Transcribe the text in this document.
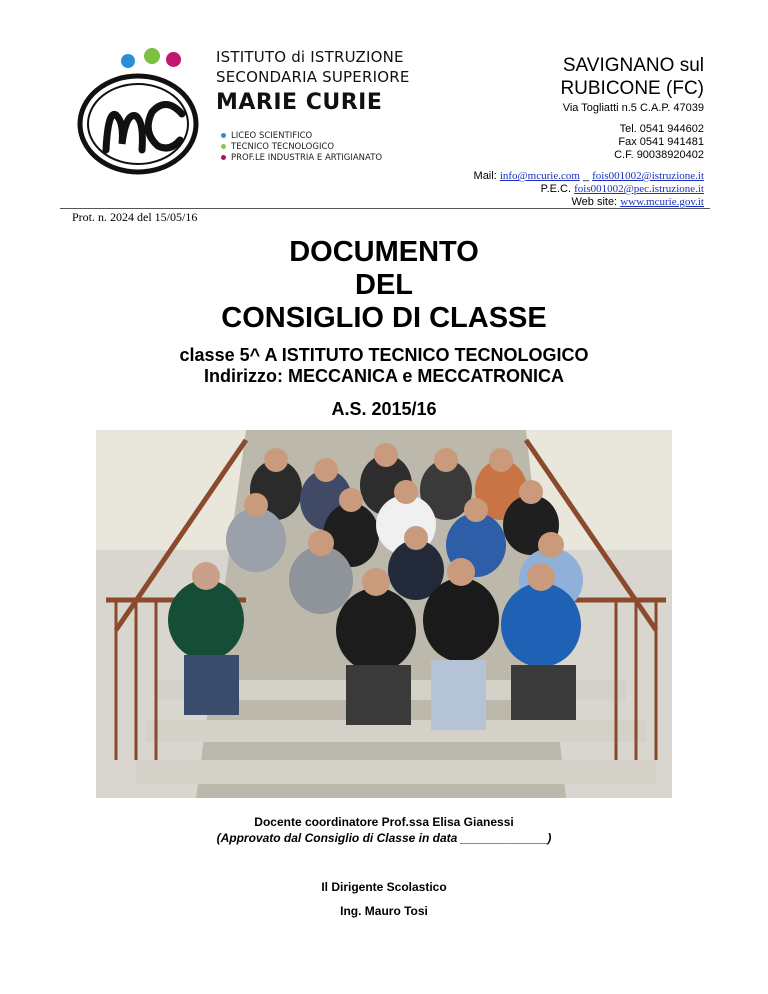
ISTITUTO di ISTRUZIONE
SECONDARIA SUPERIORE
MARIE CURIE
LICEO SCIENTIFICO
TECNICO TECNOLOGICO
PROF.LE INDUSTRIA E ARTIGIANATO
SAVIGNANO sul
RUBICONE (FC)
Via Togliatti n.5 C.A.P. 47039
Tel. 0541 944602
Fax 0541 941481
C.F. 90038920402
Mail: info@mcurie.com _ fois001002@istruzione.it
P.E.C. fois001002@pec.istruzione.it
Web site: www.mcurie.gov.it
Prot. n. 2024 del 15/05/16
DOCUMENTO
DEL
CONSIGLIO DI CLASSE
classe 5^ A ISTITUTO TECNICO TECNOLOGICO
Indirizzo: MECCANICA e MECCATRONICA
A.S. 2015/16
Docente coordinatore Prof.ssa Elisa Gianessi
(Approvato dal Consiglio di Classe in data _____________)
Il Dirigente Scolastico
Ing. Mauro Tosi
